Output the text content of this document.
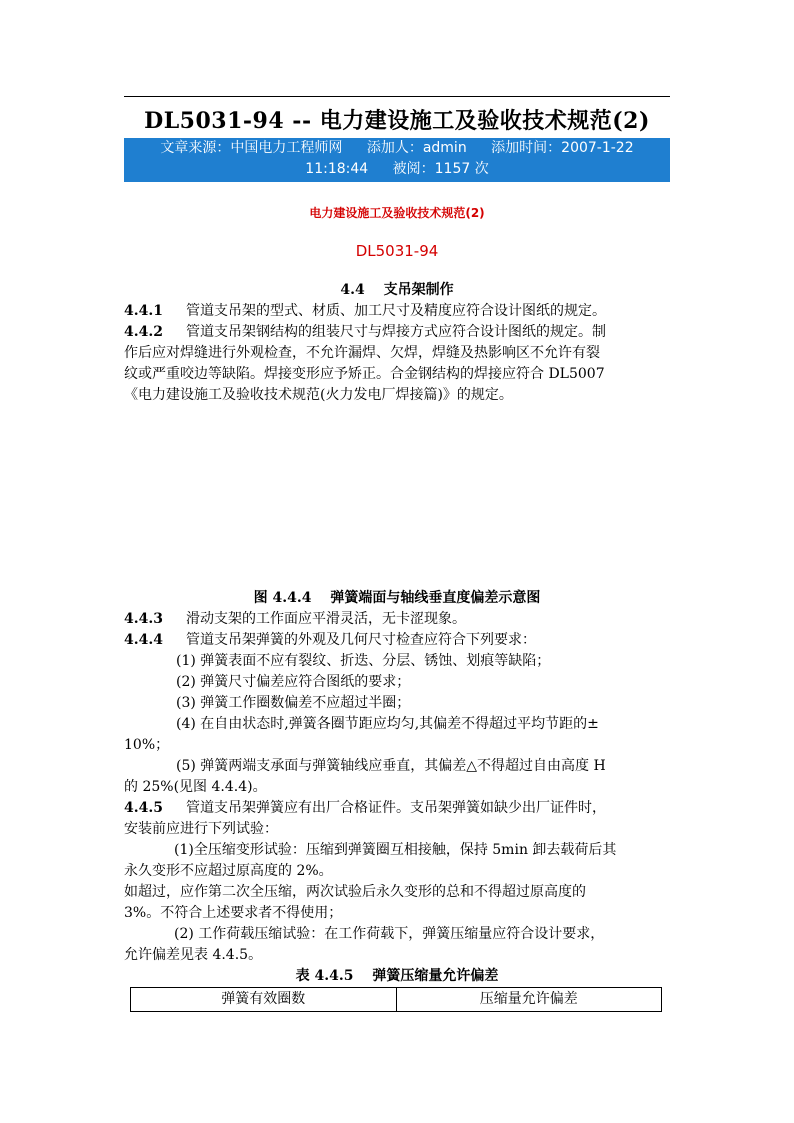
DL5031-94 -- 电力建设施工及验收技术规范(2)
文章来源：中国电力工程师网 添加人：admin 添加时间：2007-1-22
11:18:44 被阅：1157 次
电力建设施工及验收技术规范(2)
DL5031-94
4.4　 支吊架制作
4.4.1 管道支吊架的型式、材质、加工尺寸及精度应符合设计图纸的规定。
4.4.2 管道支吊架钢结构的组装尺寸与焊接方式应符合设计图纸的规定。制
作后应对焊缝进行外观检查，不允许漏焊、欠焊，焊缝及热影响区不允许有裂
纹或严重咬边等缺陷。焊接变形应予矫正。合金钢结构的焊接应符合 DL5007
《电力建设施工及验收技术规范(火力发电厂焊接篇)》的规定。
图 4.4.4　 弹簧端面与轴线垂直度偏差示意图
4.4.3 滑动支架的工作面应平滑灵活，无卡涩现象。
4.4.4 管道支吊架弹簧的外观及几何尺寸检查应符合下列要求：
(1) 弹簧表面不应有裂纹、折迭、分层、锈蚀、划痕等缺陷；
(2) 弹簧尺寸偏差应符合图纸的要求；
(3) 弹簧工作圈数偏差不应超过半圈；
(4) 在自由状态时,弹簧各圈节距应均匀,其偏差不得超过平均节距的±
10%；
(5) 弹簧两端支承面与弹簧轴线应垂直，其偏差△不得超过自由高度 H
的 25%(见图 4.4.4)。
4.4.5 管道支吊架弹簧应有出厂合格证件。支吊架弹簧如缺少出厂证件时，
安装前应进行下列试验：
(1)全压缩变形试验：压缩到弹簧圈互相接触，保持 5min 卸去载荷后其
永久变形不应超过原高度的 2%。
如超过，应作第二次全压缩，两次试验后永久变形的总和不得超过原高度的
3%。不符合上述要求者不得使用；
(2) 工作荷载压缩试验：在工作荷载下，弹簧压缩量应符合设计要求，
允许偏差见表 4.4.5。
表 4.4.5　 弹簧压缩量允许偏差
弹簧有效圈数	压缩量允许偏差
